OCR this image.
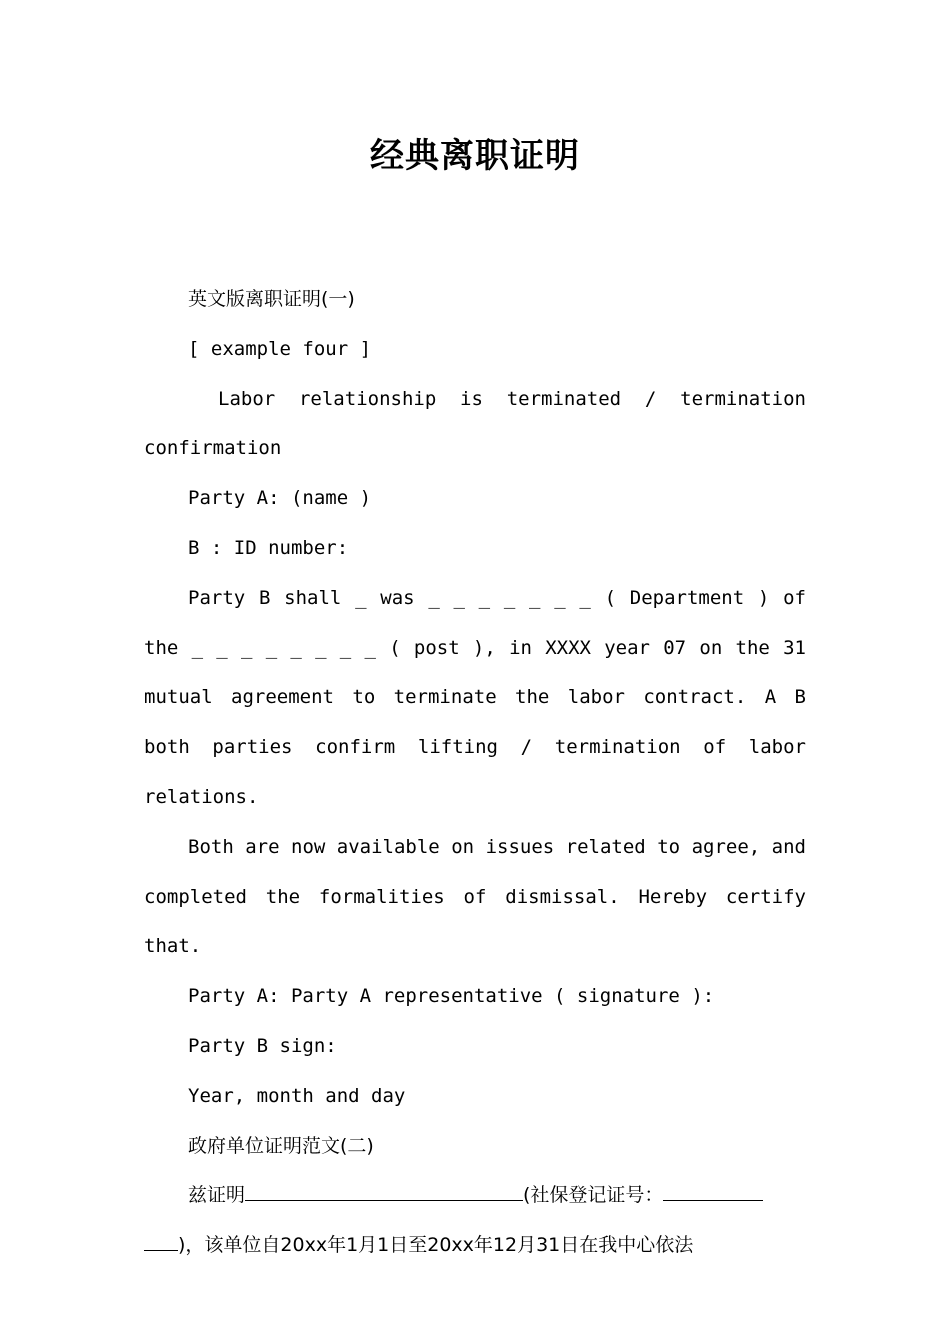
经典离职证明

英文版离职证明(一)

[ example four ]

Labor relationship is terminated / termination confirmation

Party A: (name )

B : ID number:

Party B shall _ was _ _ _ _ _ _ _ ( Department ) of the _ _ _ _ _ _ _ _ ( post ), in XXXX year 07 on the 31 mutual agreement to terminate the labor contract. A B both parties confirm lifting / termination of labor relations.

Both are now available on issues related to agree, and completed the formalities of dismissal. Hereby certify that.

Party A: Party A representative ( signature ):

Party B sign:

Year, month and day

政府单位证明范文(二)

兹证明	(社保登记证号：
)，该单位自20xx年1月1日至20xx年12月31日在我中心依法
